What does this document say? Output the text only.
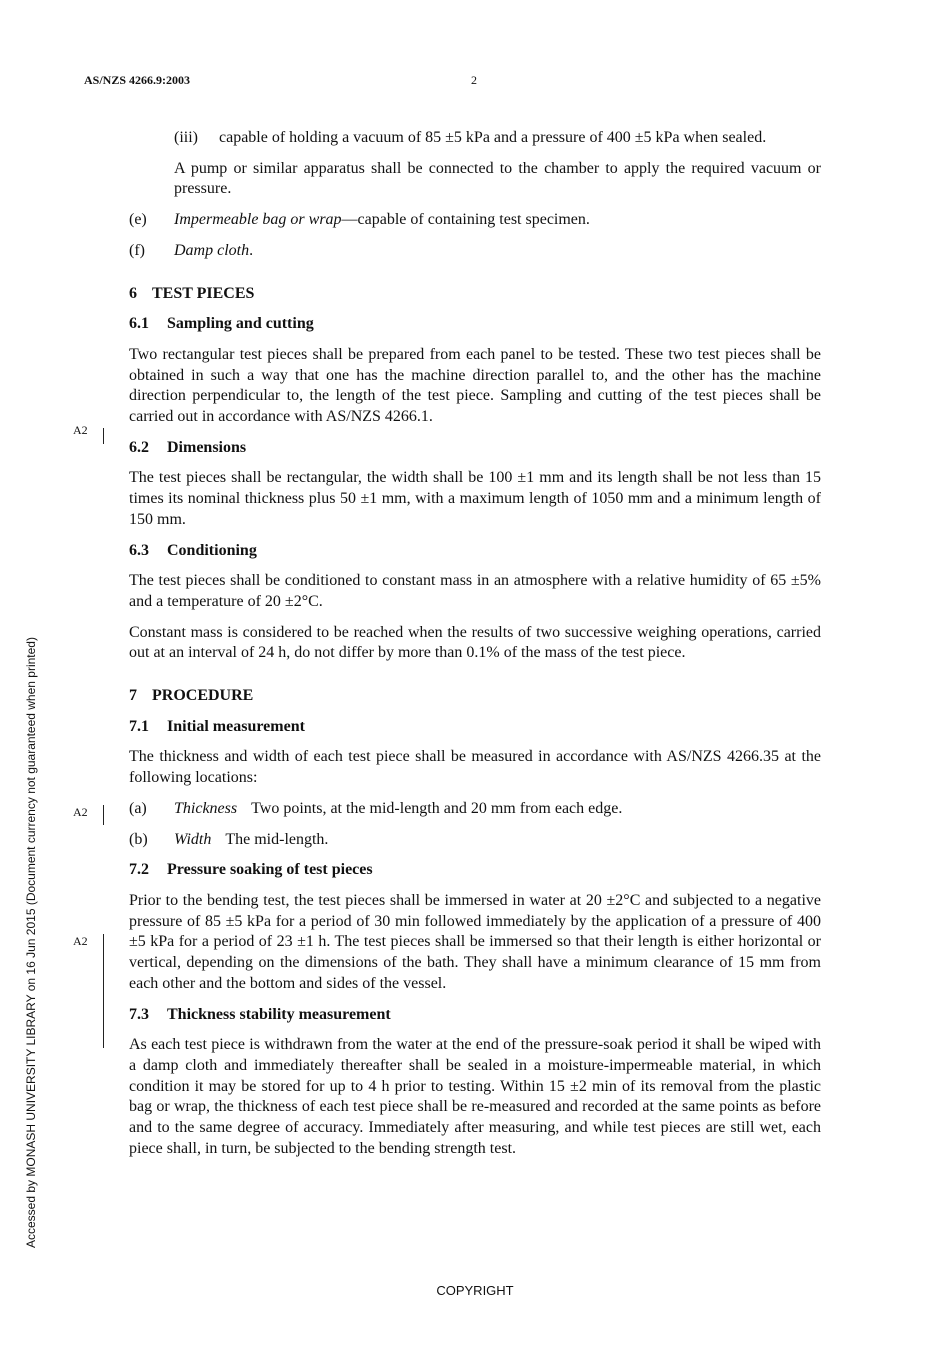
AS/NZS 4266.9:2003	2
Accessed by MONASH UNIVERSITY LIBRARY on 16 Jun 2015 (Document currency not guaranteed when printed)
A2
A2
A2
(iii)	capable of holding a vacuum of 85 ±5 kPa and a pressure of 400 ±5 kPa when sealed.

A pump or similar apparatus shall be connected to the chamber to apply the required vacuum or pressure.

(e)	Impermeable bag or wrap—capable of containing test specimen.
(f)	Damp cloth.
6 TEST PIECES
6.1 Sampling and cutting

Two rectangular test pieces shall be prepared from each panel to be tested. These two test pieces shall be obtained in such a way that one has the machine direction parallel to, and the other has the machine direction perpendicular to, the length of the test piece. Sampling and cutting of the test pieces shall be carried out in accordance with AS/NZS 4266.1.

6.2 Dimensions

The test pieces shall be rectangular, the width shall be 100 ±1 mm and its length shall be not less than 15 times its nominal thickness plus 50 ±1 mm, with a maximum length of 1050 mm and a minimum length of 150 mm.

6.3 Conditioning

The test pieces shall be conditioned to constant mass in an atmosphere with a relative humidity of 65 ±5% and a temperature of 20 ±2°C.

Constant mass is considered to be reached when the results of two successive weighing operations, carried out at an interval of 24 h, do not differ by more than 0.1% of the mass of the test piece.

7 PROCEDURE
7.1 Initial measurement

The thickness and width of each test piece shall be measured in accordance with AS/NZS 4266.35 at the following locations:

(a)	Thickness Two points, at the mid-length and 20 mm from each edge.
(b)	Width The mid-length.
7.2 Pressure soaking of test pieces

Prior to the bending test, the test pieces shall be immersed in water at 20 ±2°C and subjected to a negative pressure of 85 ±5 kPa for a period of 30 min followed immediately by the application of a pressure of 400 ±5 kPa for a period of 23 ±1 h. The test pieces shall be immersed so that their length is either horizontal or vertical, depending on the dimensions of the bath. They shall have a minimum clearance of 15 mm from each other and the bottom and sides of the vessel.

7.3 Thickness stability measurement

As each test piece is withdrawn from the water at the end of the pressure-soak period it shall be wiped with a damp cloth and immediately thereafter shall be sealed in a moisture-impermeable material, in which condition it may be stored for up to 4 h prior to testing. Within 15 ±2 min of its removal from the plastic bag or wrap, the thickness of each test piece shall be re-measured and recorded at the same points as before and to the same degree of accuracy. Immediately after measuring, and while test pieces are still wet, each piece shall, in turn, be subjected to the bending strength test.

COPYRIGHT
